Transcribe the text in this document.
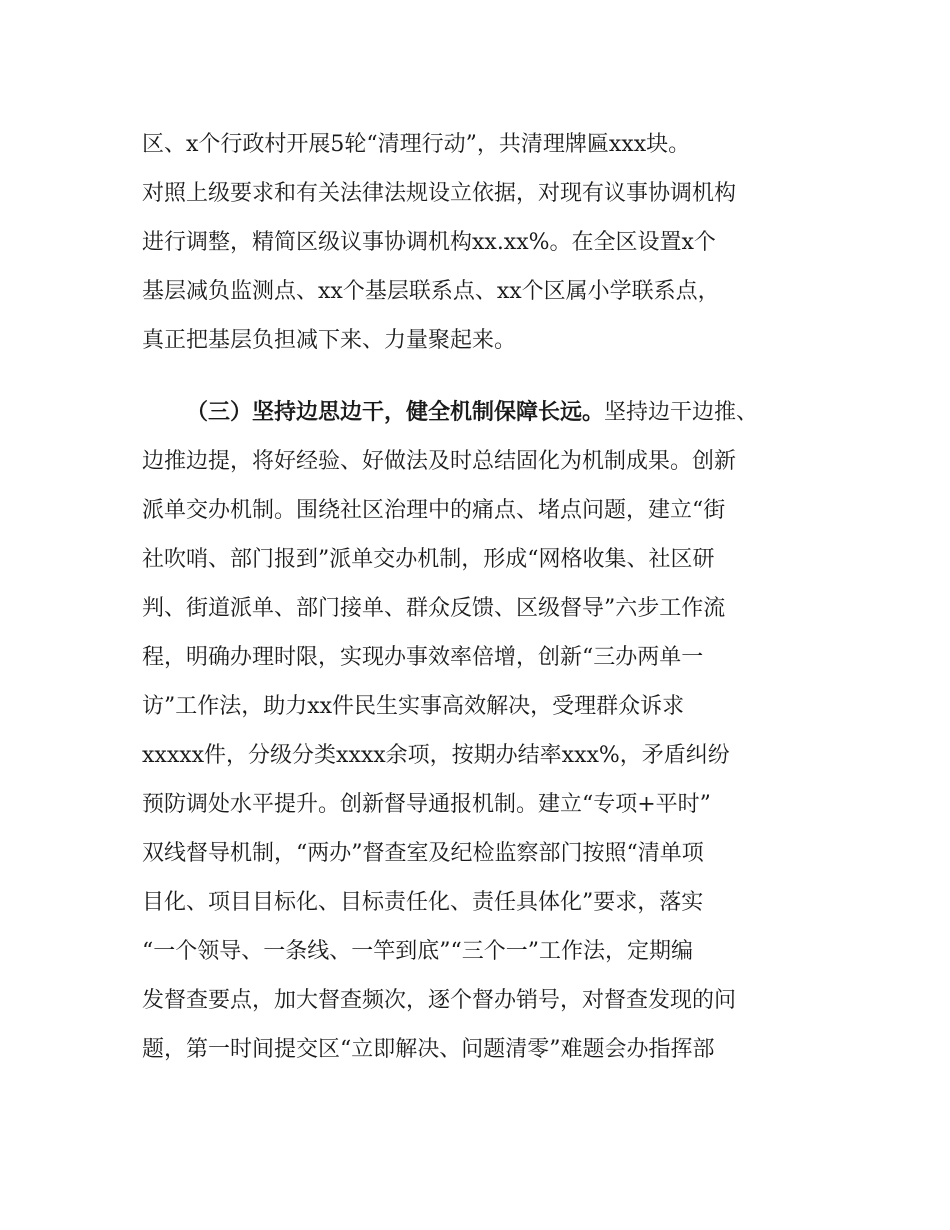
区、x个行政村开展5轮“清理行动”，共清理牌匾xxx块。
对照上级要求和有关法律法规设立依据，对现有议事协调机构
进行调整，精简区级议事协调机构xx.xx%。在全区设置x个
基层减负监测点、xx个基层联系点、xx个区属小学联系点，
真正把基层负担减下来、力量聚起来。
（三）坚持边思边干，健全机制保障长远。坚持边干边推、
边推边提，将好经验、好做法及时总结固化为机制成果。创新
派单交办机制。围绕社区治理中的痛点、堵点问题，建立“街
社吹哨、部门报到”派单交办机制，形成“网格收集、社区研
判、街道派单、部门接单、群众反馈、区级督导”六步工作流
程，明确办理时限，实现办事效率倍增，创新“三办两单一
访”工作法，助力xx件民生实事高效解决，受理群众诉求
xxxxx件，分级分类xxxx余项，按期办结率xxx%，矛盾纠纷
预防调处水平提升。创新督导通报机制。建立“专项+平时”
双线督导机制，“两办”督查室及纪检监察部门按照“清单项
目化、项目目标化、目标责任化、责任具体化”要求，落实
“一个领导、一条线、一竿到底”“三个一”工作法，定期编
发督查要点，加大督查频次，逐个督办销号，对督查发现的问
题，第一时间提交区“立即解决、问题清零”难题会办指挥部
